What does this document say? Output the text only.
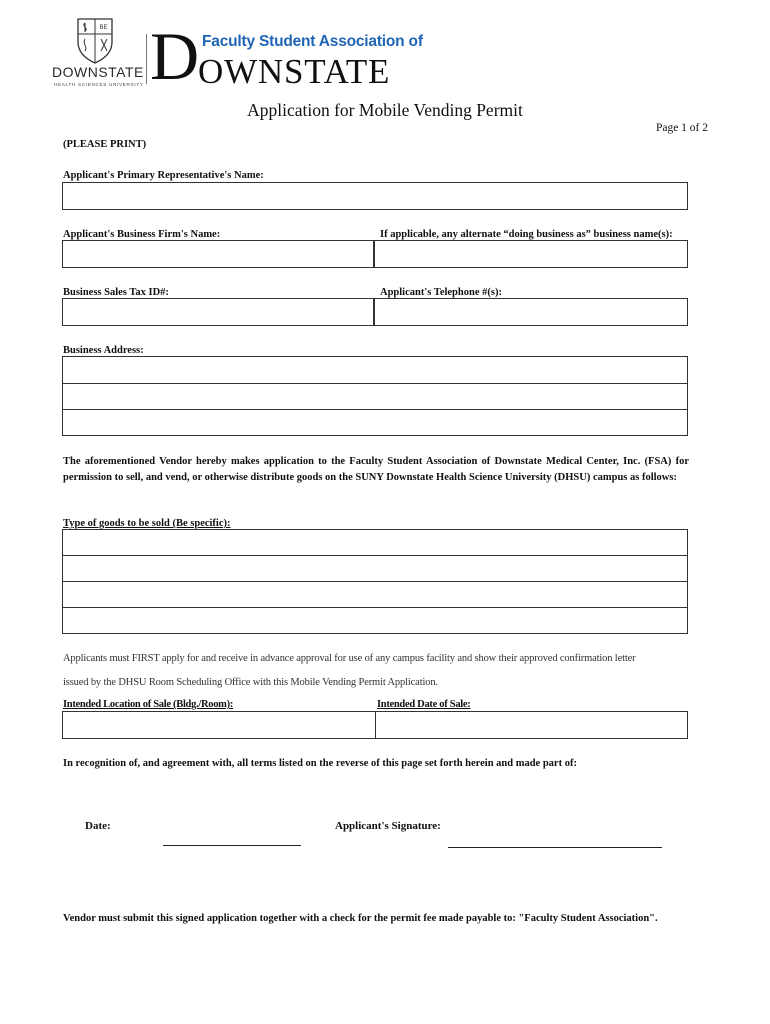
BE
DOWNSTATE
HEALTH SCIENCES UNIVERSITY D Faculty Student Association of
OWNSTATE
Application for Mobile Vending Permit
Page 1 of 2
(PLEASE PRINT)
Applicant's Primary Representative's Name:
Applicant's Business Firm's Name:	If applicable, any alternate “doing business as” business name(s):
Business Sales Tax ID#:	Applicant's Telephone #(s):
Business Address:
The aforementioned Vendor hereby makes application to the Faculty Student Association of Downstate Medical Center, Inc. (FSA) for permission to sell, and vend, or otherwise distribute goods on the SUNY Downstate Health Science University (DHSU) campus as follows:
Type of goods to be sold (Be specific):
Applicants must FIRST apply for and receive in advance approval for use of any campus facility and show their approved confirmation letter
issued by the DHSU Room Scheduling Office with this Mobile Vending Permit Application.
Intended Location of Sale (Bldg./Room):	Intended Date of Sale:
In recognition of, and agreement with, all terms listed on the reverse of this page set forth herein and made part of:
Date:	Applicant's Signature:
Vendor must submit this signed application together with a check for the permit fee made payable to: "Faculty Student Association".
